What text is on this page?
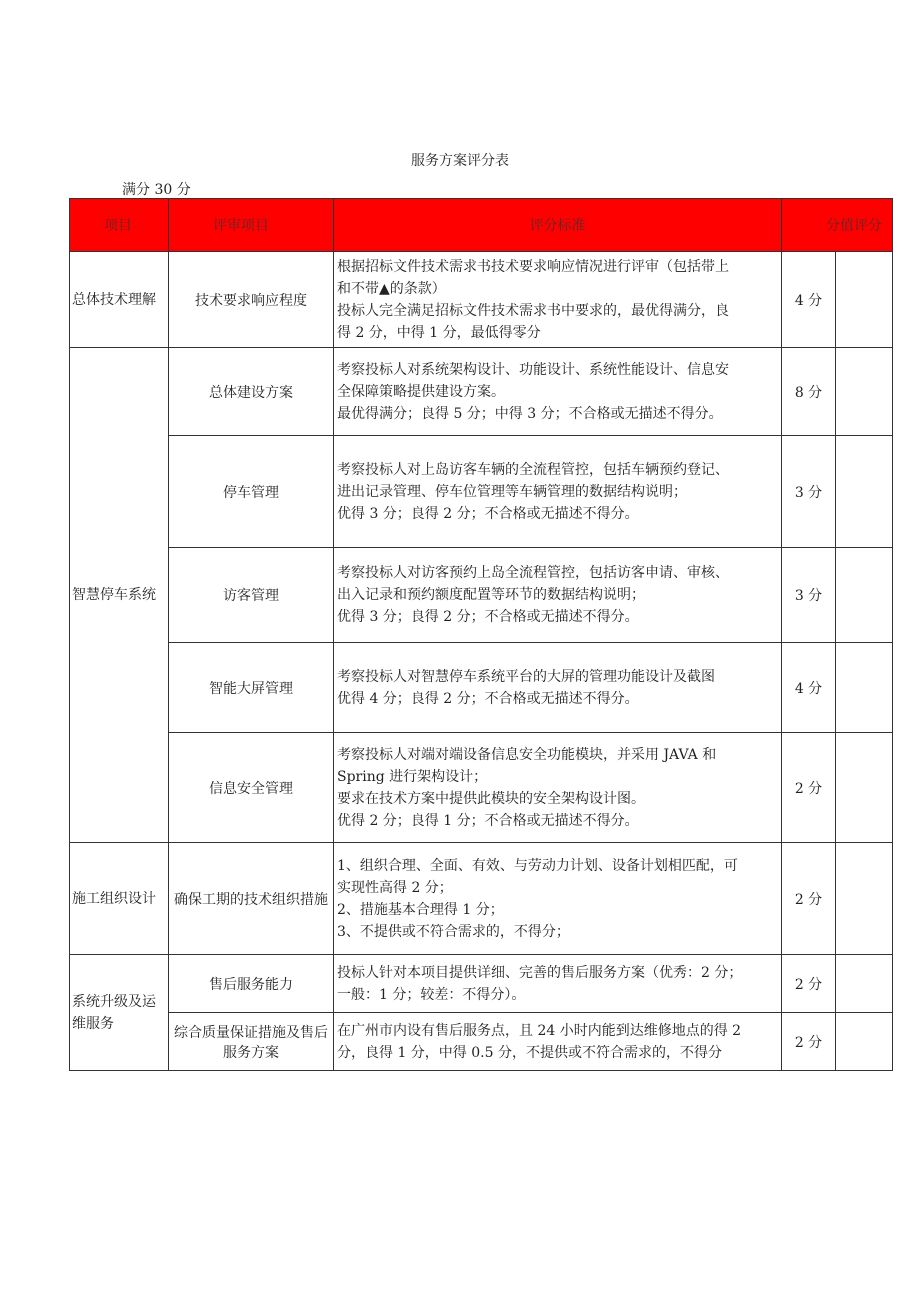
服务方案评分表
满分 30 分
项目	评审项目	评分标准	分值评分	
总体技术理解	技术要求响应程度	根据招标文件技术需求书技术要求响应情况进行评审（包括带上
和不带▲的条款）
投标人完全满足招标文件技术需求书中要求的，最优得满分，良
得 2 分，中得 1 分，最低得零分	4 分	
智慧停车系统	总体建设方案	考察投标人对系统架构设计、功能设计、系统性能设计、信息安
全保障策略提供建设方案。
最优得满分；良得 5 分；中得 3 分；不合格或无描述不得分。	8 分	
	停车管理	考察投标人对上岛访客车辆的全流程管控，包括车辆预约登记、
进出记录管理、停车位管理等车辆管理的数据结构说明；
优得 3 分；良得 2 分；不合格或无描述不得分。	3 分	
	访客管理	考察投标人对访客预约上岛全流程管控，包括访客申请、审核、
出入记录和预约额度配置等环节的数据结构说明；
优得 3 分；良得 2 分；不合格或无描述不得分。	3 分	
	智能大屏管理	考察投标人对智慧停车系统平台的大屏的管理功能设计及截图
优得 4 分；良得 2 分；不合格或无描述不得分。	4 分	
	信息安全管理	考察投标人对端对端设备信息安全功能模块，并采用 JAVA 和
Spring 进行架构设计；
要求在技术方案中提供此模块的安全架构设计图。
优得 2 分；良得 1 分；不合格或无描述不得分。	2 分	
施工组织设计	确保工期的技术组织措施	1、组织合理、全面、有效、与劳动力计划、设备计划相匹配，可
实现性高得 2 分；
2、措施基本合理得 1 分；
3、不提供或不符合需求的，不得分；	2 分	
系统升级及运维服务	售后服务能力	投标人针对本项目提供详细、完善的售后服务方案（优秀：2 分；
一般：1 分；较差：不得分）。	2 分	
	综合质量保证措施及售后服务方案	在广州市内设有售后服务点，且 24 小时内能到达维修地点的得 2
分，良得 1 分，中得 0.5 分，不提供或不符合需求的，不得分	2 分	
